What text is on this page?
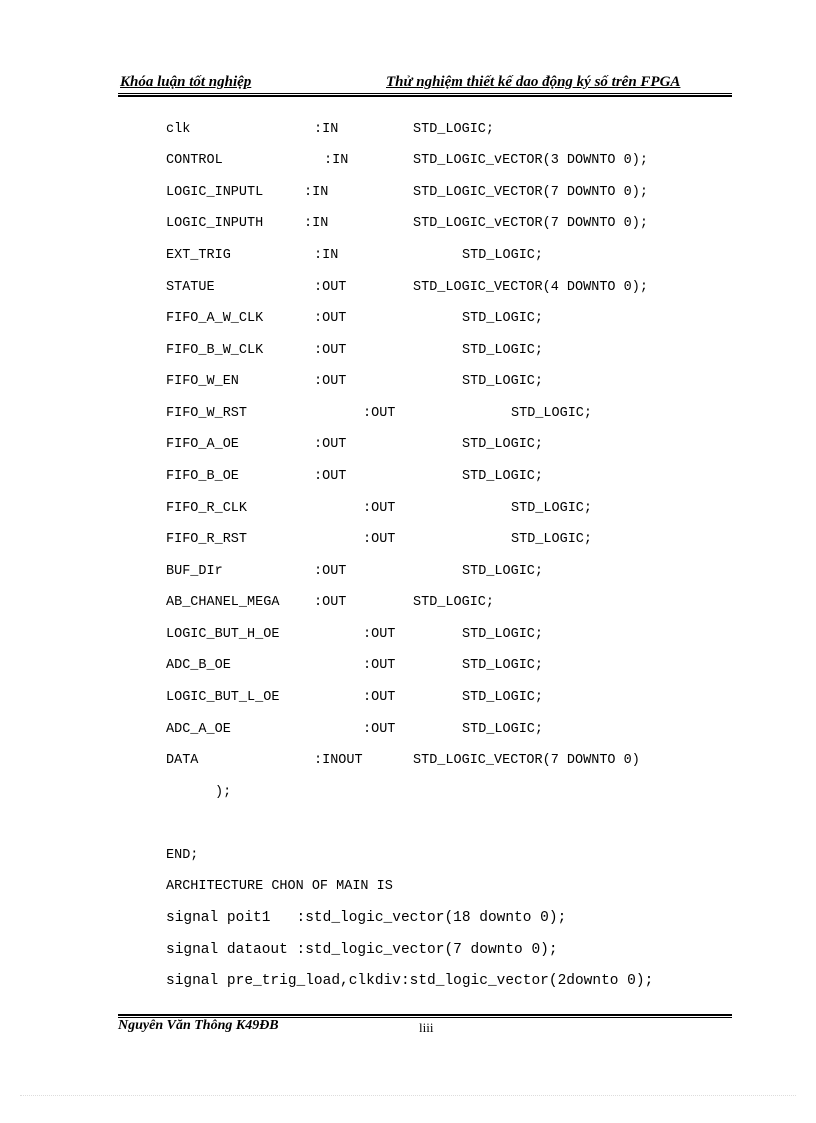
Khóa luận tốt nghiệp	Thử nghiệm thiết kế dao động ký số trên FPGA
clk	:IN	STD_LOGIC;
CONTROL	:IN	STD_LOGIC_vECTOR(3 DOWNTO 0);
LOGIC_INPUTL	:IN	STD_LOGIC_VECTOR(7 DOWNTO 0);
LOGIC_INPUTH	:IN	STD_LOGIC_vECTOR(7 DOWNTO 0);
EXT_TRIG	:IN	STD_LOGIC;
STATUE	:OUT	STD_LOGIC_VECTOR(4 DOWNTO 0);
FIFO_A_W_CLK	:OUT	STD_LOGIC;
FIFO_B_W_CLK	:OUT	STD_LOGIC;
FIFO_W_EN	:OUT	STD_LOGIC;
FIFO_W_RST	:OUT	STD_LOGIC;
FIFO_A_OE	:OUT	STD_LOGIC;
FIFO_B_OE	:OUT	STD_LOGIC;
FIFO_R_CLK	:OUT	STD_LOGIC;
FIFO_R_RST	:OUT	STD_LOGIC;
BUF_DIr	:OUT	STD_LOGIC;
AB_CHANEL_MEGA	:OUT	STD_LOGIC;
LOGIC_BUT_H_OE	:OUT	STD_LOGIC;
ADC_B_OE	:OUT	STD_LOGIC;
LOGIC_BUT_L_OE	:OUT	STD_LOGIC;
ADC_A_OE	:OUT	STD_LOGIC;
DATA	:INOUT	STD_LOGIC_VECTOR(7 DOWNTO 0)
);
END;
ARCHITECTURE CHON OF MAIN IS
signal poit1   :std_logic_vector(18 downto 0);
signal dataout :std_logic_vector(7 downto 0);
signal pre_trig_load,clkdiv:std_logic_vector(2downto 0);
Nguyên Văn Thông K49ĐB	liii
